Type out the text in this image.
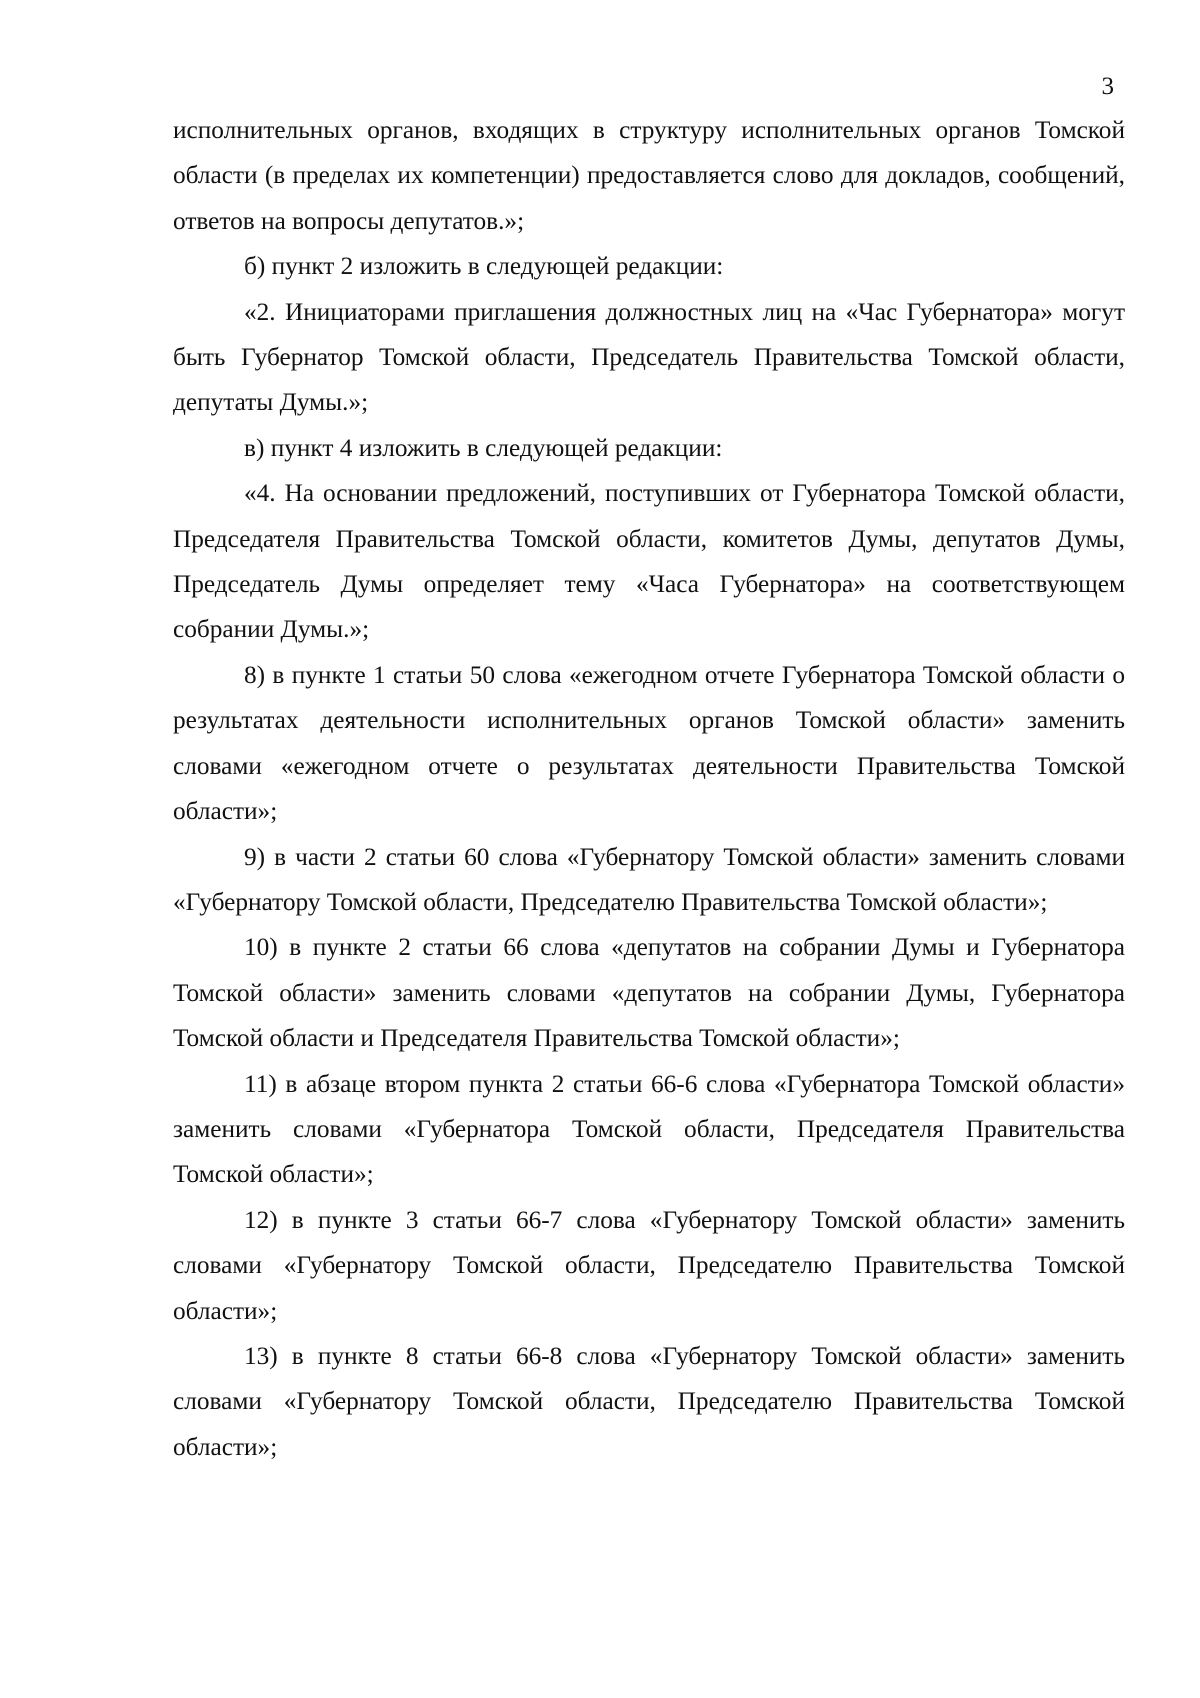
3

исполнительных органов, входящих в структуру исполнительных органов Томской области (в пределах их компетенции) предоставляется слово для докладов, сообщений, ответов на вопросы депутатов.»;

б) пункт 2 изложить в следующей редакции:

«2. Инициаторами приглашения должностных лиц на «Час Губернатора» могут быть Губернатор Томской области, Председатель Правительства Томской области, депутаты Думы.»;

в) пункт 4 изложить в следующей редакции:

«4. На основании предложений, поступивших от Губернатора Томской области, Председателя Правительства Томской области, комитетов Думы, депутатов Думы, Председатель Думы определяет тему «Часа Губернатора» на соответствующем собрании Думы.»;

8) в пункте 1 статьи 50 слова «ежегодном отчете Губернатора Томской области о результатах деятельности исполнительных органов Томской области» заменить словами «ежегодном отчете о результатах деятельности Правительства Томской области»;

9) в части 2 статьи 60 слова «Губернатору Томской области» заменить словами «Губернатору Томской области, Председателю Правительства Томской области»;

10) в пункте 2 статьи 66 слова «депутатов на собрании Думы и Губернатора Томской области» заменить словами «депутатов на собрании Думы, Губернатора Томской области и Председателя Правительства Томской области»;

11) в абзаце втором пункта 2 статьи 66-6 слова «Губернатора Томской области» заменить словами «Губернатора Томской области, Председателя Правительства Томской области»;

12) в пункте 3 статьи 66-7 слова «Губернатору Томской области» заменить словами «Губернатору Томской области, Председателю Правительства Томской области»;

13) в пункте 8 статьи 66-8 слова «Губернатору Томской области» заменить словами «Губернатору Томской области, Председателю Правительства Томской области»;
